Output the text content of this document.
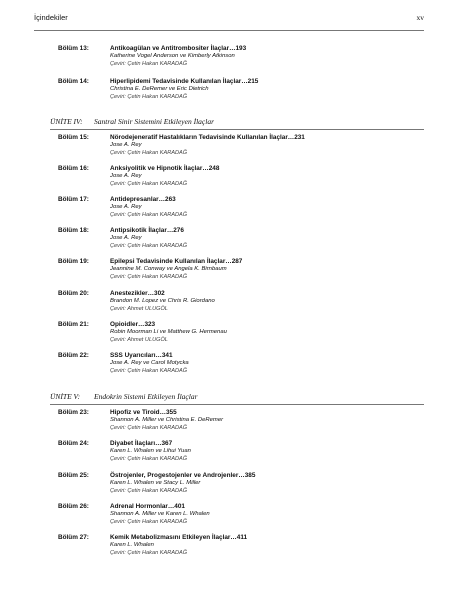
İçindekiler	xv
Bölüm 13:	Antikoagülan ve Antitrombositer İlaçlar…193
Katherine Vogel Anderson ve Kimberly Atkinson
Çeviri: Çetin Hakan KARADAĞ
Bölüm 14:	Hiperlipidemi Tedavisinde Kullanılan İlaçlar…215
Christina E. DeRemer ve Eric Dietrich
Çeviri: Çetin Hakan KARADAĞ
ÜNİTE IV: Santral Sinir Sistemini Etkileyen İlaçlar
Bölüm 15:	Nörodejeneratif Hastalıkların Tedavisinde Kullanılan İlaçlar…231
Jose A. Rey
Çeviri: Çetin Hakan KARADAĞ
Bölüm 16:	Anksiyolitik ve Hipnotik İlaçlar…248
Jose A. Rey
Çeviri: Çetin Hakan KARADAĞ
Bölüm 17:	Antidepresanlar…263
Jose A. Rey
Çeviri: Çetin Hakan KARADAĞ
Bölüm 18:	Antipsikotik İlaçlar…276
Jose A. Rey
Çeviri: Çetin Hakan KARADAĞ
Bölüm 19:	Epilepsi Tedavisinde Kullanılan İlaçlar…287
Jeannine M. Conway ve Angela K. Birnbaum
Çeviri: Çetin Hakan KARADAĞ
Bölüm 20:	Anestezikler…302
Brandon M. Lopez ve Chris R. Giordano
Çeviri: Ahmet ULUGÖL
Bölüm 21:	Opioidler…323
Robin Moorman Li ve Matthew G. Hermenau
Çeviri: Ahmet ULUGÖL
Bölüm 22:	SSS Uyarıcıları…341
Jose A. Rey ve Carol Motycka
Çeviri: Çetin Hakan KARADAĞ
ÜNİTE V: Endokrin Sistemi Etkileyen İlaçlar
Bölüm 23:	Hipofiz ve Tiroid…355
Shannon A. Miller ve Christina E. DeRemer
Çeviri: Çetin Hakan KARADAĞ
Bölüm 24:	Diyabet İlaçları…367
Karen L. Whalen ve Lihui Yuan
Çeviri: Çetin Hakan KARADAĞ
Bölüm 25:	Östrojenler, Progestojenler ve Androjenler…385
Karen L. Whalen ve Stacy L. Miller
Çeviri: Çetin Hakan KARADAĞ
Bölüm 26:	Adrenal Hormonlar…401
Shannon A. Miller ve Karen L. Whalen
Çeviri: Çetin Hakan KARADAĞ
Bölüm 27:	Kemik Metabolizmasını Etkileyen İlaçlar…411
Karen L. Whalen
Çeviri: Çetin Hakan KARADAĞ
